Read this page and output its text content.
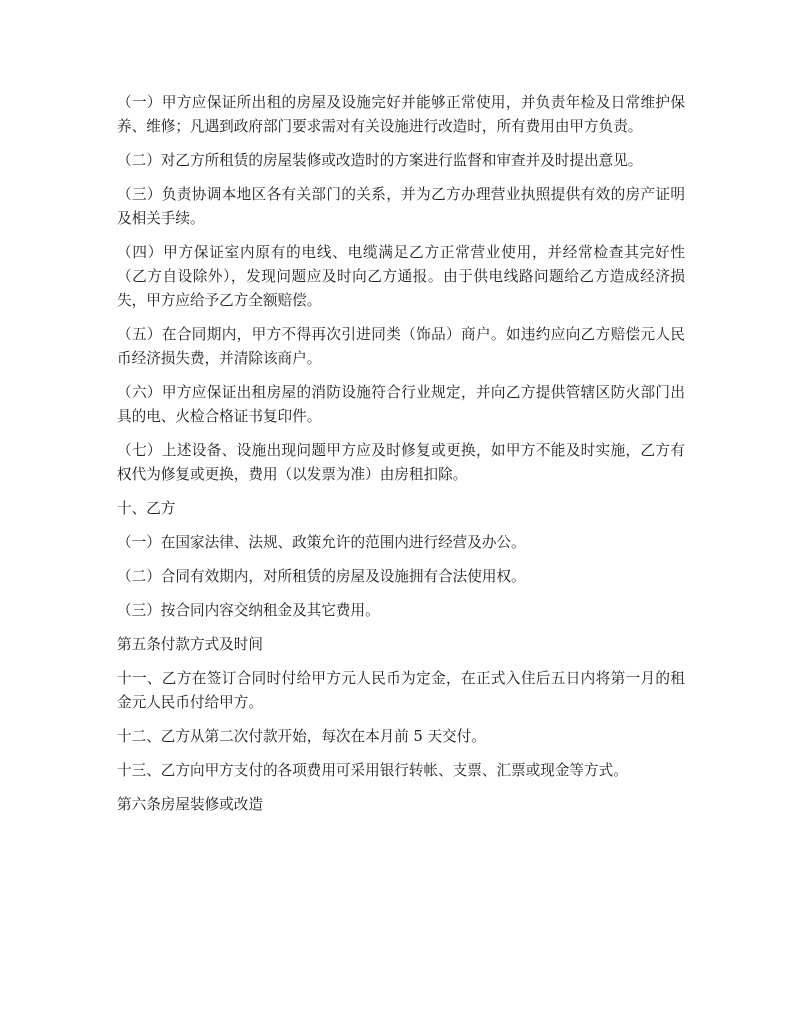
（一）甲方应保证所出租的房屋及设施完好并能够正常使用，并负责年检及日常维护保养、维修；凡遇到政府部门要求需对有关设施进行改造时，所有费用由甲方负责。

（二）对乙方所租赁的房屋装修或改造时的方案进行监督和审查并及时提出意见。

（三）负责协调本地区各有关部门的关系，并为乙方办理营业执照提供有效的房产证明及相关手续。

（四）甲方保证室内原有的电线、电缆满足乙方正常营业使用，并经常检查其完好性（乙方自设除外），发现问题应及时向乙方通报。由于供电线路问题给乙方造成经济损失，甲方应给予乙方全额赔偿。

（五）在合同期内，甲方不得再次引进同类（饰品）商户。如违约应向乙方赔偿元人民币经济损失费，并清除该商户。

（六）甲方应保证出租房屋的消防设施符合行业规定，并向乙方提供管辖区防火部门出具的电、火检合格证书复印件。

（七）上述设备、设施出现问题甲方应及时修复或更换，如甲方不能及时实施，乙方有权代为修复或更换，费用（以发票为准）由房租扣除。

十、乙方

（一）在国家法律、法规、政策允许的范围内进行经营及办公。

（二）合同有效期内，对所租赁的房屋及设施拥有合法使用权。

（三）按合同内容交纳租金及其它费用。

第五条付款方式及时间

十一、乙方在签订合同时付给甲方元人民币为定金，在正式入住后五日内将第一月的租金元人民币付给甲方。

十二、乙方从第二次付款开始，每次在本月前 5 天交付。

十三、乙方向甲方支付的各项费用可采用银行转帐、支票、汇票或现金等方式。

第六条房屋装修或改造
